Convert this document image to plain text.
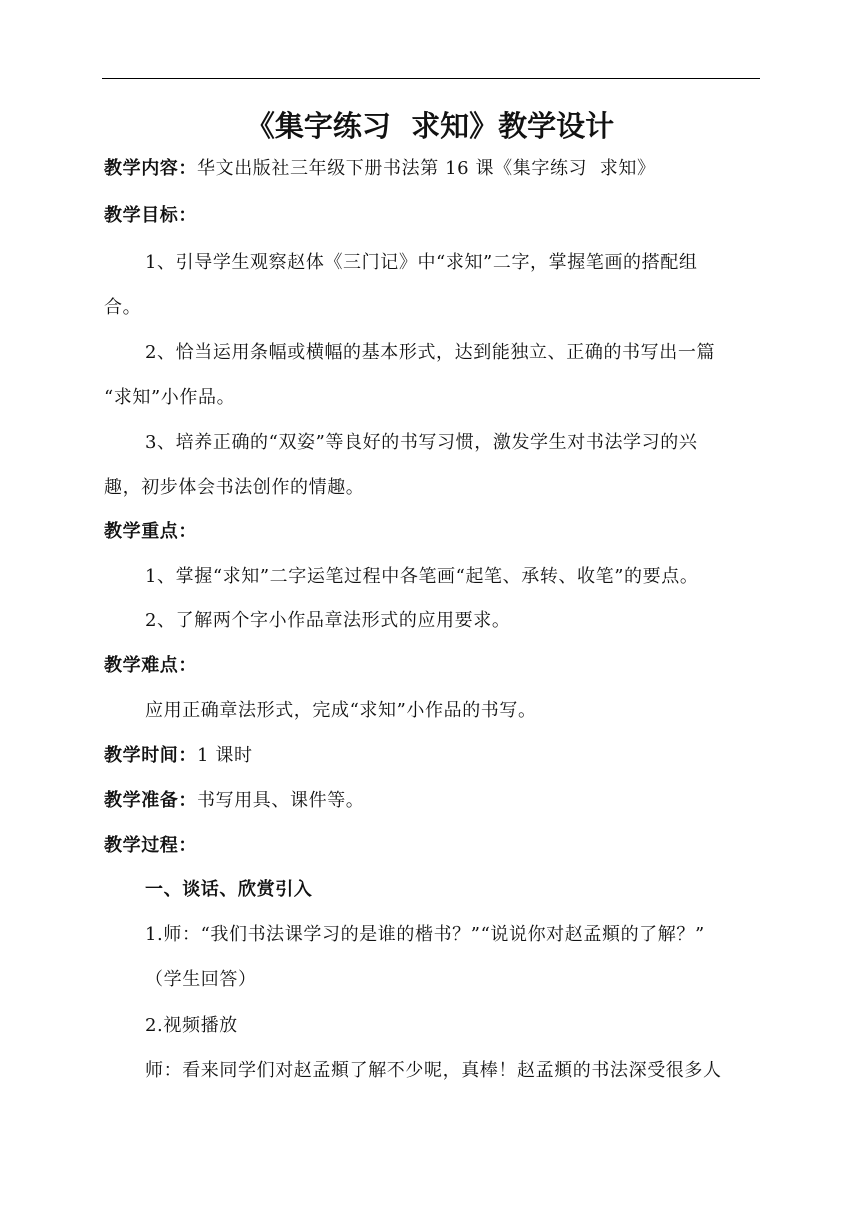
《集字练习  求知》教学设计
教学内容：华文出版社三年级下册书法第 16 课《集字练习  求知》
教学目标：
1、引导学生观察赵体《三门记》中“求知”二字，掌握笔画的搭配组
合。
2、恰当运用条幅或横幅的基本形式，达到能独立、正确的书写出一篇
“求知”小作品。
3、培养正确的“双姿”等良好的书写习惯，激发学生对书法学习的兴
趣，初步体会书法创作的情趣。
教学重点：
1、掌握“求知”二字运笔过程中各笔画“起笔、承转、收笔”的要点。
2、了解两个字小作品章法形式的应用要求。
教学难点：
应用正确章法形式，完成“求知”小作品的书写。
教学时间：1 课时
教学准备：书写用具、课件等。
教学过程：
一、谈话、欣赏引入
1.师：“我们书法课学习的是谁的楷书？”“说说你对赵孟頫的了解？”
（学生回答）
2.视频播放
师：看来同学们对赵孟頫了解不少呢，真棒！赵孟頫的书法深受很多人
